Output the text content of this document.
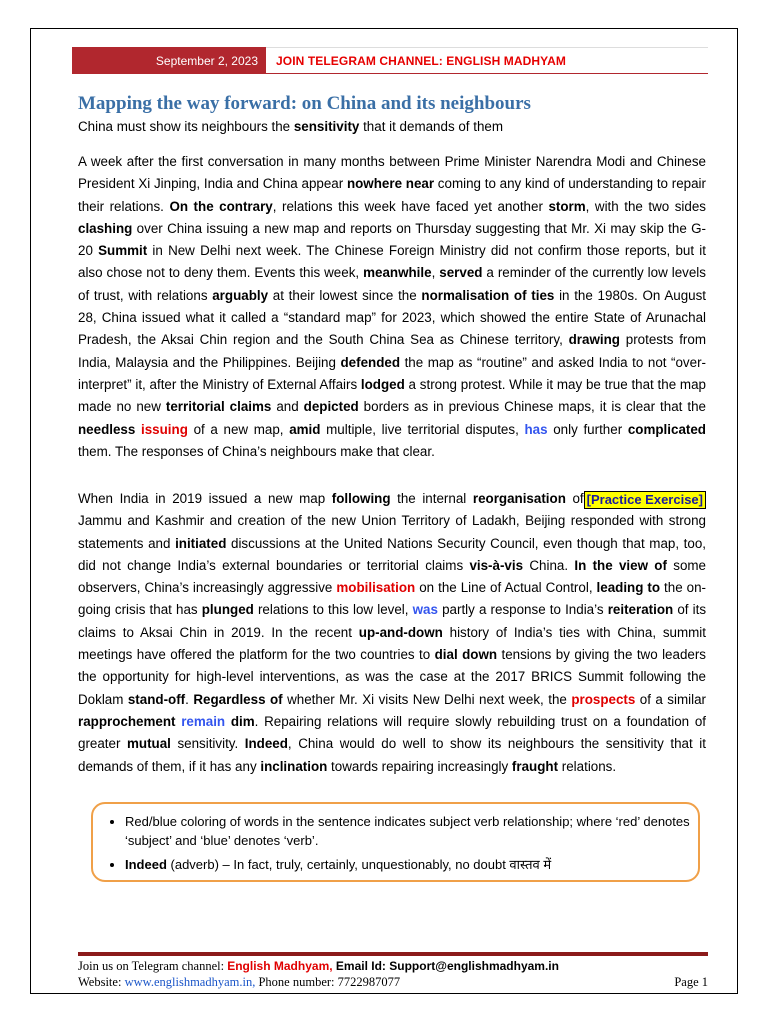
September 2, 2023	JOIN TELEGRAM CHANNEL: ENGLISH MADHYAM
Mapping the way forward: on China and its neighbours
China must show its neighbours the sensitivity that it demands of them

A week after the first conversation in many months between Prime Minister Narendra Modi and Chinese President Xi Jinping, India and China appear nowhere near coming to any kind of understanding to repair their relations. On the contrary, relations this week have faced yet another storm, with the two sides clashing over China issuing a new map and reports on Thursday suggesting that Mr. Xi may skip the G-20 Summit in New Delhi next week. The Chinese Foreign Ministry did not confirm those reports, but it also chose not to deny them. Events this week, meanwhile, served a reminder of the currently low levels of trust, with relations arguably at their lowest since the normalisation of ties in the 1980s. On August 28, China issued what it called a “standard map” for 2023, which showed the entire State of Arunachal Pradesh, the Aksai Chin region and the South China Sea as Chinese territory, drawing protests from India, Malaysia and the Philippines. Beijing defended the map as “routine” and asked India to not “over-interpret” it, after the Ministry of External Affairs lodged a strong protest. While it may be true that the map made no new territorial claims and depicted borders as in previous Chinese maps, it is clear that the needless issuing of a new map, amid multiple, live territorial disputes, has only further complicated them. The responses of China’s neighbours make that clear.

[Practice Exercise]
When India in 2019 issued a new map following the internal reorganisation of Jammu and Kashmir and creation of the new Union Territory of Ladakh, Beijing responded with strong statements and initiated discussions at the United Nations Security Council, even though that map, too, did not change India’s external boundaries or territorial claims vis-à-vis China. In the view of some observers, China’s increasingly aggressive mobilisation on the Line of Actual Control, leading to the on-going crisis that has plunged relations to this low level, was partly a response to India’s reiteration of its claims to Aksai Chin in 2019. In the recent up-and-down history of India’s ties with China, summit meetings have offered the platform for the two countries to dial down tensions by giving the two leaders the opportunity for high-level interventions, as was the case at the 2017 BRICS Summit following the Doklam stand-off. Regardless of whether Mr. Xi visits New Delhi next week, the prospects of a similar rapprochement remain dim. Repairing relations will require slowly rebuilding trust on a foundation of greater mutual sensitivity. Indeed, China would do well to show its neighbours the sensitivity that it demands of them, if it has any inclination towards repairing increasingly fraught relations.

• Red/blue coloring of words in the sentence indicates subject verb relationship; where ‘red’ denotes ‘subject’ and ‘blue’ denotes ‘verb’.
• Indeed (adverb) – In fact, truly, certainly, unquestionably, no doubt वास्तव में
Join us on Telegram channel: English Madhyam, Email Id: Support@englishmadhyam.in
Website: www.englishmadhyam.in, Phone number: 7722987077	Page 1
